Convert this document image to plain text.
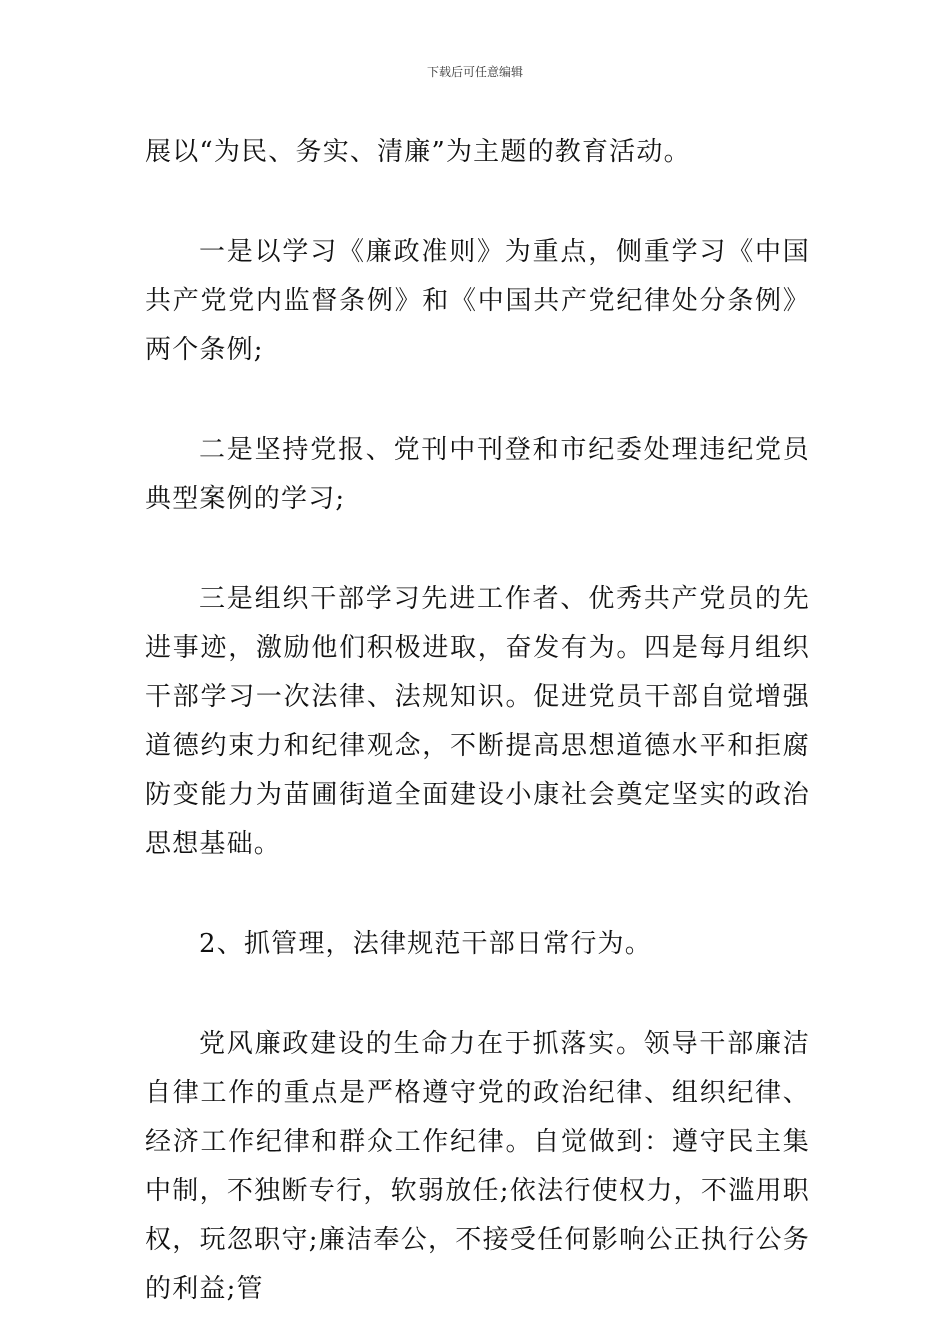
下载后可任意编辑

展以“为民、务实、清廉”为主题的教育活动。

一是以学习《廉政准则》为重点，侧重学习《中国共产党党内监督条例》和《中国共产党纪律处分条例》两个条例;

二是坚持党报、党刊中刊登和市纪委处理违纪党员典型案例的学习;

三是组织干部学习先进工作者、优秀共产党员的先进事迹，激励他们积极进取，奋发有为。四是每月组织干部学习一次法律、法规知识。促进党员干部自觉增强道德约束力和纪律观念，不断提高思想道德水平和拒腐防变能力为苗圃街道全面建设小康社会奠定坚实的政治思想基础。

2、抓管理，法律规范干部日常行为。

党风廉政建设的生命力在于抓落实。领导干部廉洁自律工作的重点是严格遵守党的政治纪律、组织纪律、经济工作纪律和群众工作纪律。自觉做到：遵守民主集中制，不独断专行，软弱放任;依法行使权力，不滥用职权，玩忽职守;廉洁奉公，不接受任何影响公正执行公务的利益;管
